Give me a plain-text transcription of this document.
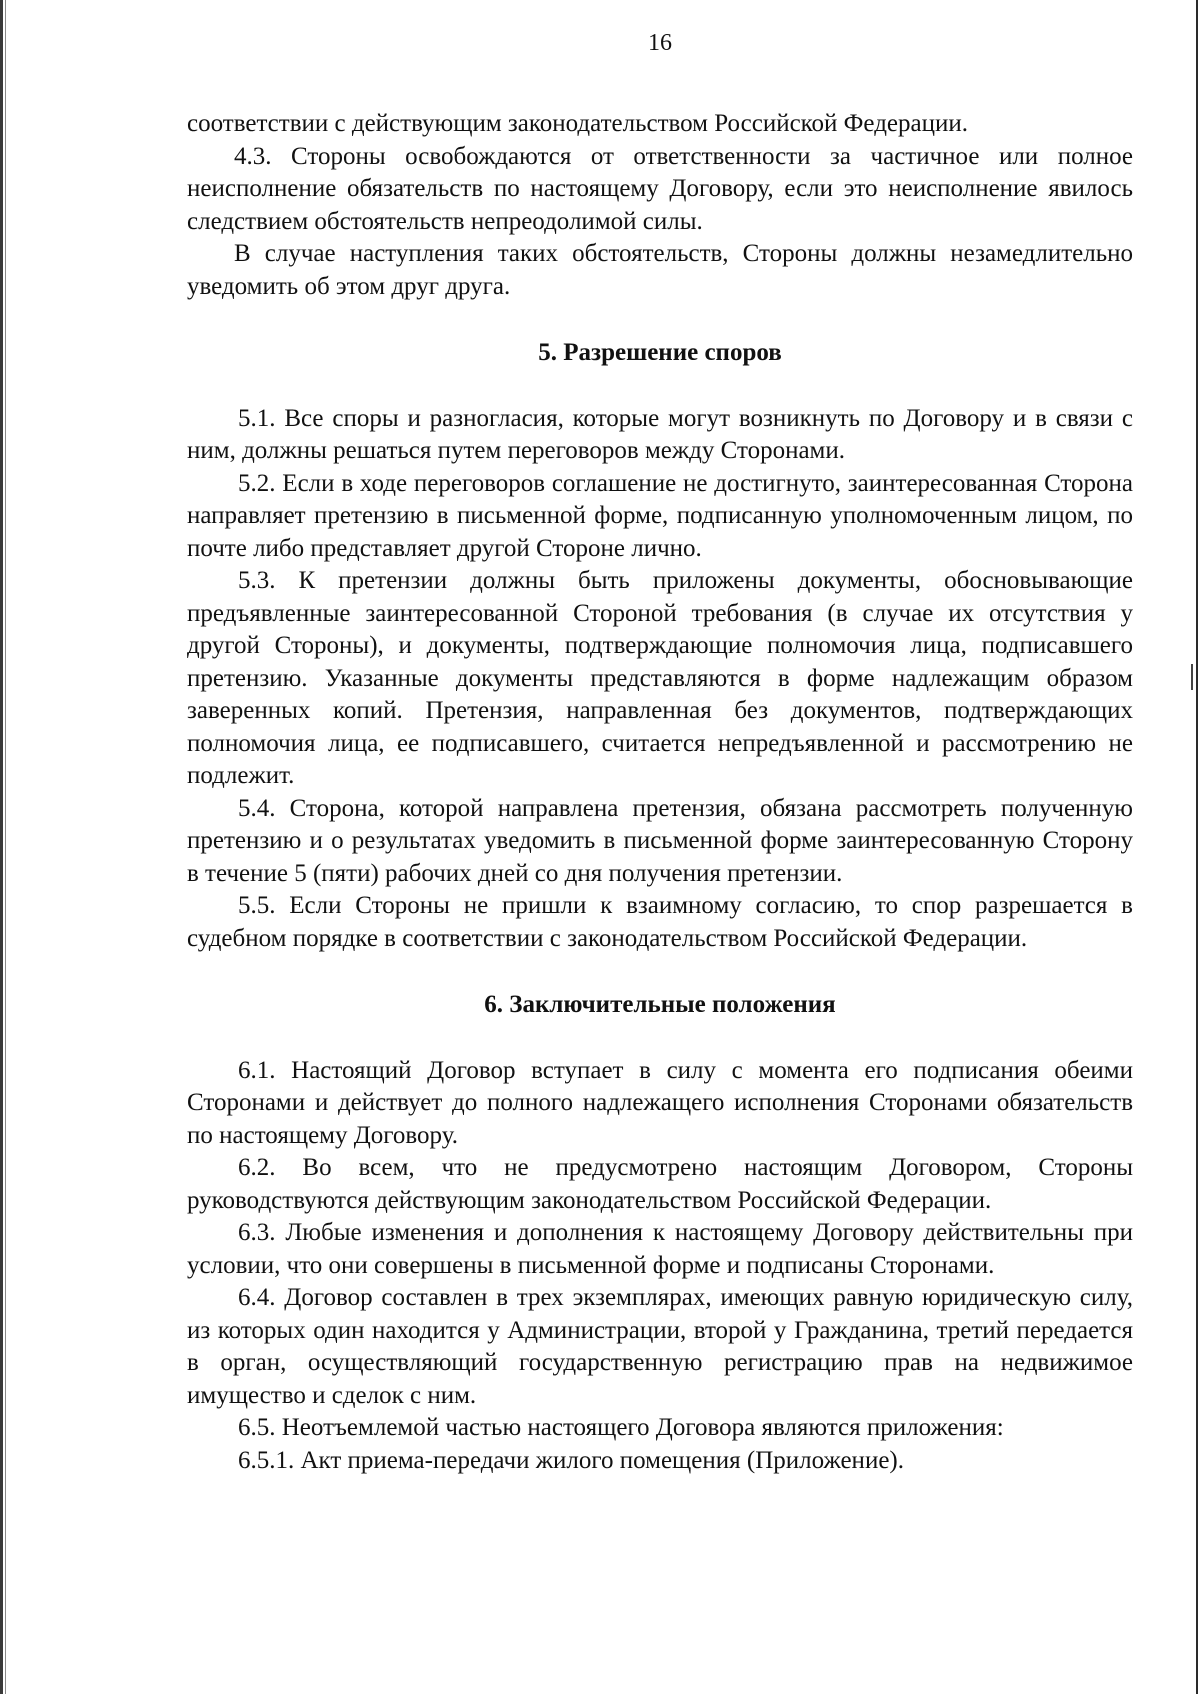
16

соответствии с действующим законодательством Российской Федерации.

4.3. Стороны освобождаются от ответственности за частичное или полное неисполнение обязательств по настоящему Договору, если это неисполнение явилось следствием обстоятельств непреодолимой силы.

В случае наступления таких обстоятельств, Стороны должны незамедлительно уведомить об этом друг друга.

5. Разрешение споров

5.1. Все споры и разногласия, которые могут возникнуть по Договору и в связи с ним, должны решаться путем переговоров между Сторонами.

5.2. Если в ходе переговоров соглашение не достигнуто, заинтересованная Сторона направляет претензию в письменной форме, подписанную уполномоченным лицом, по почте либо представляет другой Стороне лично.

5.3. К претензии должны быть приложены документы, обосновывающие предъявленные заинтересованной Стороной требования (в случае их отсутствия у другой Стороны), и документы, подтверждающие полномочия лица, подписавшего претензию. Указанные документы представляются в форме надлежащим образом заверенных копий. Претензия, направленная без документов, подтверждающих полномочия лица, ее подписавшего, считается непредъявленной и рассмотрению не подлежит.

5.4. Сторона, которой направлена претензия, обязана рассмотреть полученную претензию и о результатах уведомить в письменной форме заинтересованную Сторону в течение 5 (пяти) рабочих дней со дня получения претензии.

5.5. Если Стороны не пришли к взаимному согласию, то спор разрешается в судебном порядке в соответствии с законодательством Российской Федерации.

6. Заключительные положения

6.1. Настоящий Договор вступает в силу с момента его подписания обеими Сторонами и действует до полного надлежащего исполнения Сторонами обязательств по настоящему Договору.

6.2. Во всем, что не предусмотрено настоящим Договором, Стороны руководствуются действующим законодательством Российской Федерации.

6.3. Любые изменения и дополнения к настоящему Договору действительны при условии, что они совершены в письменной форме и подписаны Сторонами.

6.4. Договор составлен в трех экземплярах, имеющих равную юридическую силу, из которых один находится у Администрации, второй у Гражданина, третий передается в орган, осуществляющий государственную регистрацию прав на недвижимое имущество и сделок с ним.

6.5. Неотъемлемой частью настоящего Договора являются приложения:

6.5.1. Акт приема-передачи жилого помещения (Приложение).
